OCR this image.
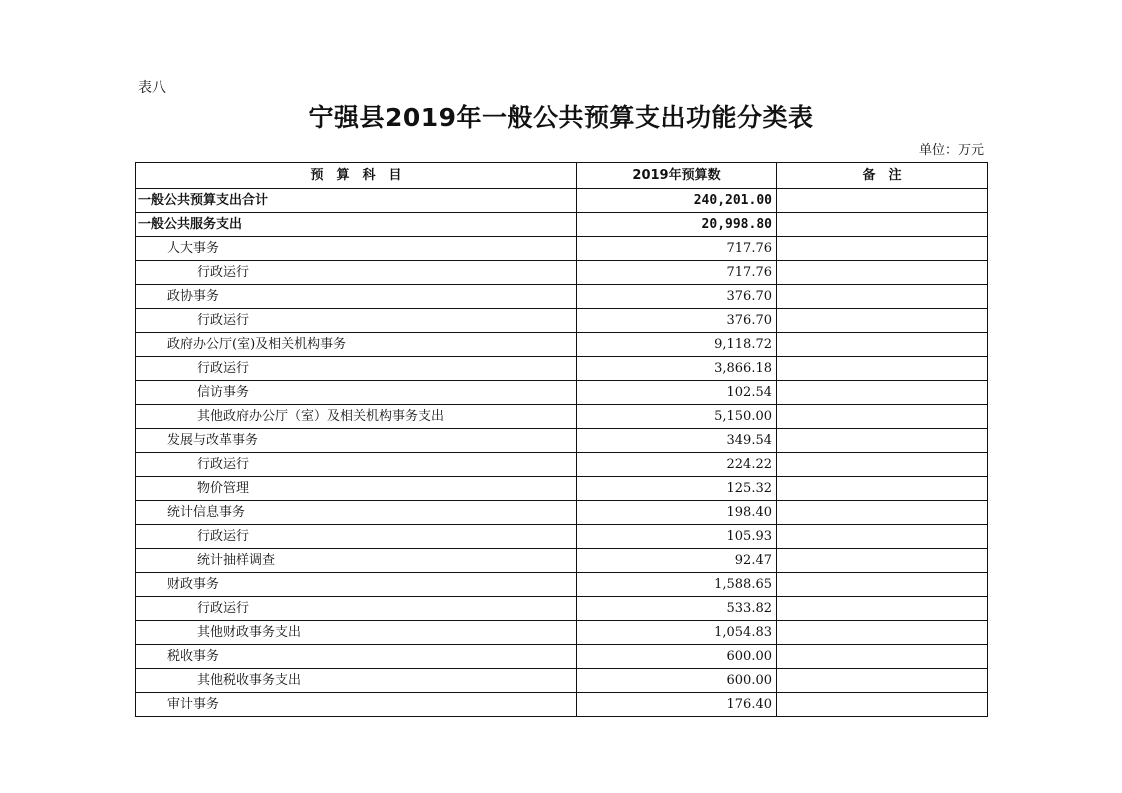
表八
宁强县2019年一般公共预算支出功能分类表
单位：万元
预　算　科　目	2019年预算数	备　注
一般公共预算支出合计	240,201.00	
一般公共服务支出	20,998.80	
人大事务	717.76	
行政运行	717.76	
政协事务	376.70	
行政运行	376.70	
政府办公厅(室)及相关机构事务	9,118.72	
行政运行	3,866.18	
信访事务	102.54	
其他政府办公厅（室）及相关机构事务支出	5,150.00	
发展与改革事务	349.54	
行政运行	224.22	
物价管理	125.32	
统计信息事务	198.40	
行政运行	105.93	
统计抽样调查	92.47	
财政事务	1,588.65	
行政运行	533.82	
其他财政事务支出	1,054.83	
税收事务	600.00	
其他税收事务支出	600.00	
审计事务	176.40	
